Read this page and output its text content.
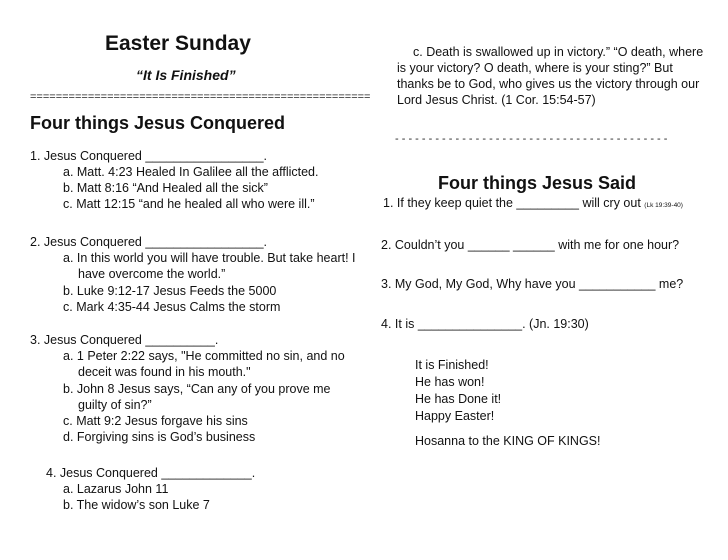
Easter Sunday
“It Is Finished”
=====================================================
Four things Jesus Conquered
1. Jesus Conquered _________________.
a. Matt. 4:23 Healed In Galilee all the afflicted.
b. Matt 8:16 “And Healed all the sick”
c. Matt 12:15 “and he healed all who were ill.”
2. Jesus Conquered _________________.
a. In this world you will have trouble. But take heart! I have overcome the world.”
b. Luke 9:12-17 Jesus Feeds the 5000
c. Mark 4:35-44 Jesus Calms the storm
3. Jesus Conquered __________.
a. 1 Peter 2:22 says, "He committed no sin, and no deceit was found in his mouth."
b. John 8 Jesus says, “Can any of you prove me guilty of sin?”
c. Matt 9:2 Jesus forgave his sins
d. Forgiving sins is God’s business
4. Jesus Conquered _____________.
a. Lazarus John 11
b. The widow’s son Luke 7
c. Death is swallowed up in victory.” “O death, where is your victory? O death, where is your sting?” But thanks be to God, who gives us the victory through our Lord Jesus Christ. (1 Cor. 15:54-57)
- - - - - - - - - - - - - - - - - - - - - - - - - - - - - - - - - - - - - - - - -
Four things Jesus Said
1. If they keep quiet the _________ will cry out (Lk 19:39-40)
2. Couldn’t you ______ ______ with me for one hour?
3. My God, My God, Why have you ___________ me?
4. It is _______________. (Jn. 19:30)
It is Finished!
He has won!
He has Done it!
Happy Easter!
Hosanna to the KING OF KINGS!
